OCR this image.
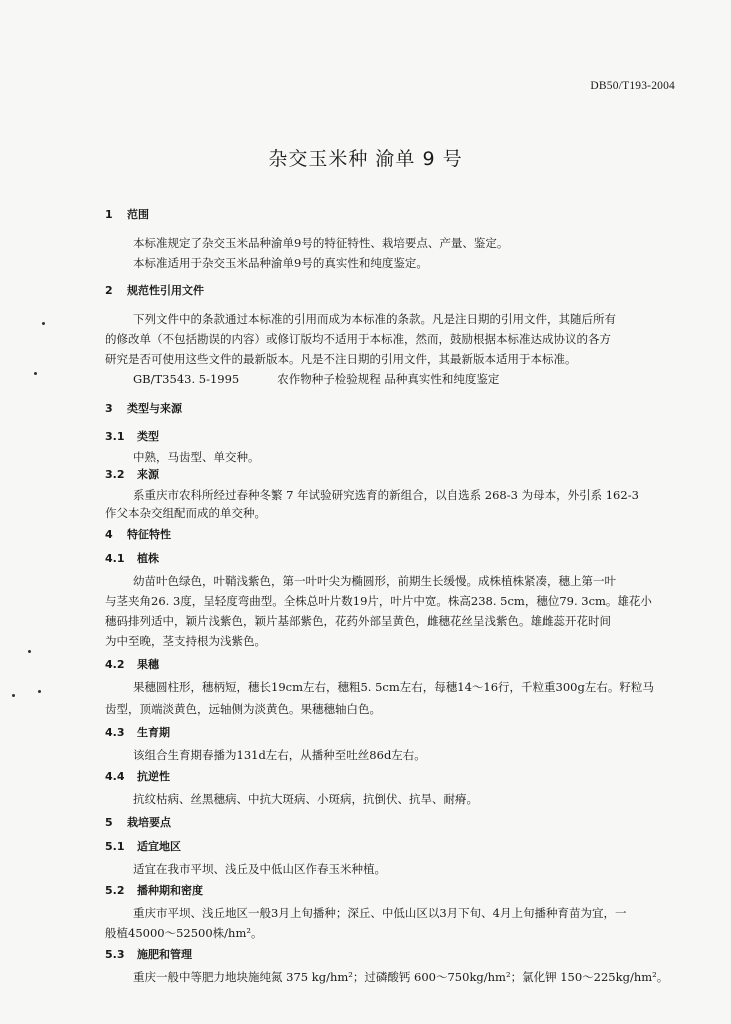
DB50/T193-2004
杂交玉米种 渝单 9 号
1 范围
本标准规定了杂交玉米品种渝单9号的特征特性、栽培要点、产量、鉴定。
本标准适用于杂交玉米品种渝单9号的真实性和纯度鉴定。
2 规范性引用文件
下列文件中的条款通过本标准的引用而成为本标准的条款。凡是注日期的引用文件，其随后所有
的修改单（不包括勘误的内容）或修订版均不适用于本标准，然而，鼓励根据本标准达成协议的各方
研究是否可使用这些文件的最新版本。凡是不注日期的引用文件，其最新版本适用于本标准。
GB/T3543. 5-1995	农作物种子检验规程 品种真实性和纯度鉴定
3 类型与来源
3.1 类型
中熟，马齿型、单交种。
3.2 来源
系重庆市农科所经过春种冬繁 7 年试验研究选育的新组合，以自选系 268-3 为母本，外引系 162-3
作父本杂交组配而成的单交种。
4 特征特性
4.1 植株
幼苗叶色绿色，叶鞘浅紫色，第一叶叶尖为椭圆形，前期生长缓慢。成株植株紧凑，穗上第一叶
与茎夹角26. 3度，呈轻度弯曲型。全株总叶片数19片，叶片中宽。株高238. 5cm，穗位79. 3cm。雄花小
穗码排列适中，颖片浅紫色，颖片基部紫色，花药外部呈黄色，雌穗花丝呈浅紫色。雄雌蕊开花时间
为中至晚，茎支持根为浅紫色。
4.2 果穗
果穗圆柱形，穗柄短，穗长19cm左右，穗粗5. 5cm左右，每穗14～16行，千粒重300g左右。籽粒马
齿型，顶端淡黄色，远轴侧为淡黄色。果穗穗轴白色。
4.3 生育期
该组合生育期春播为131d左右，从播种至吐丝86d左右。
4.4 抗逆性
抗纹枯病、丝黑穗病、中抗大斑病、小斑病，抗倒伏、抗旱、耐瘠。
5 栽培要点
5.1 适宜地区
适宜在我市平坝、浅丘及中低山区作春玉米种植。
5.2 播种期和密度
重庆市平坝、浅丘地区一般3月上旬播种；深丘、中低山区以3月下旬、4月上旬播种育苗为宜，一
般植45000～52500株/hm²。
5.3 施肥和管理
重庆一般中等肥力地块施纯氮 375 kg/hm²；过磷酸钙 600～750kg/hm²；氯化钾 150～225kg/hm²。
